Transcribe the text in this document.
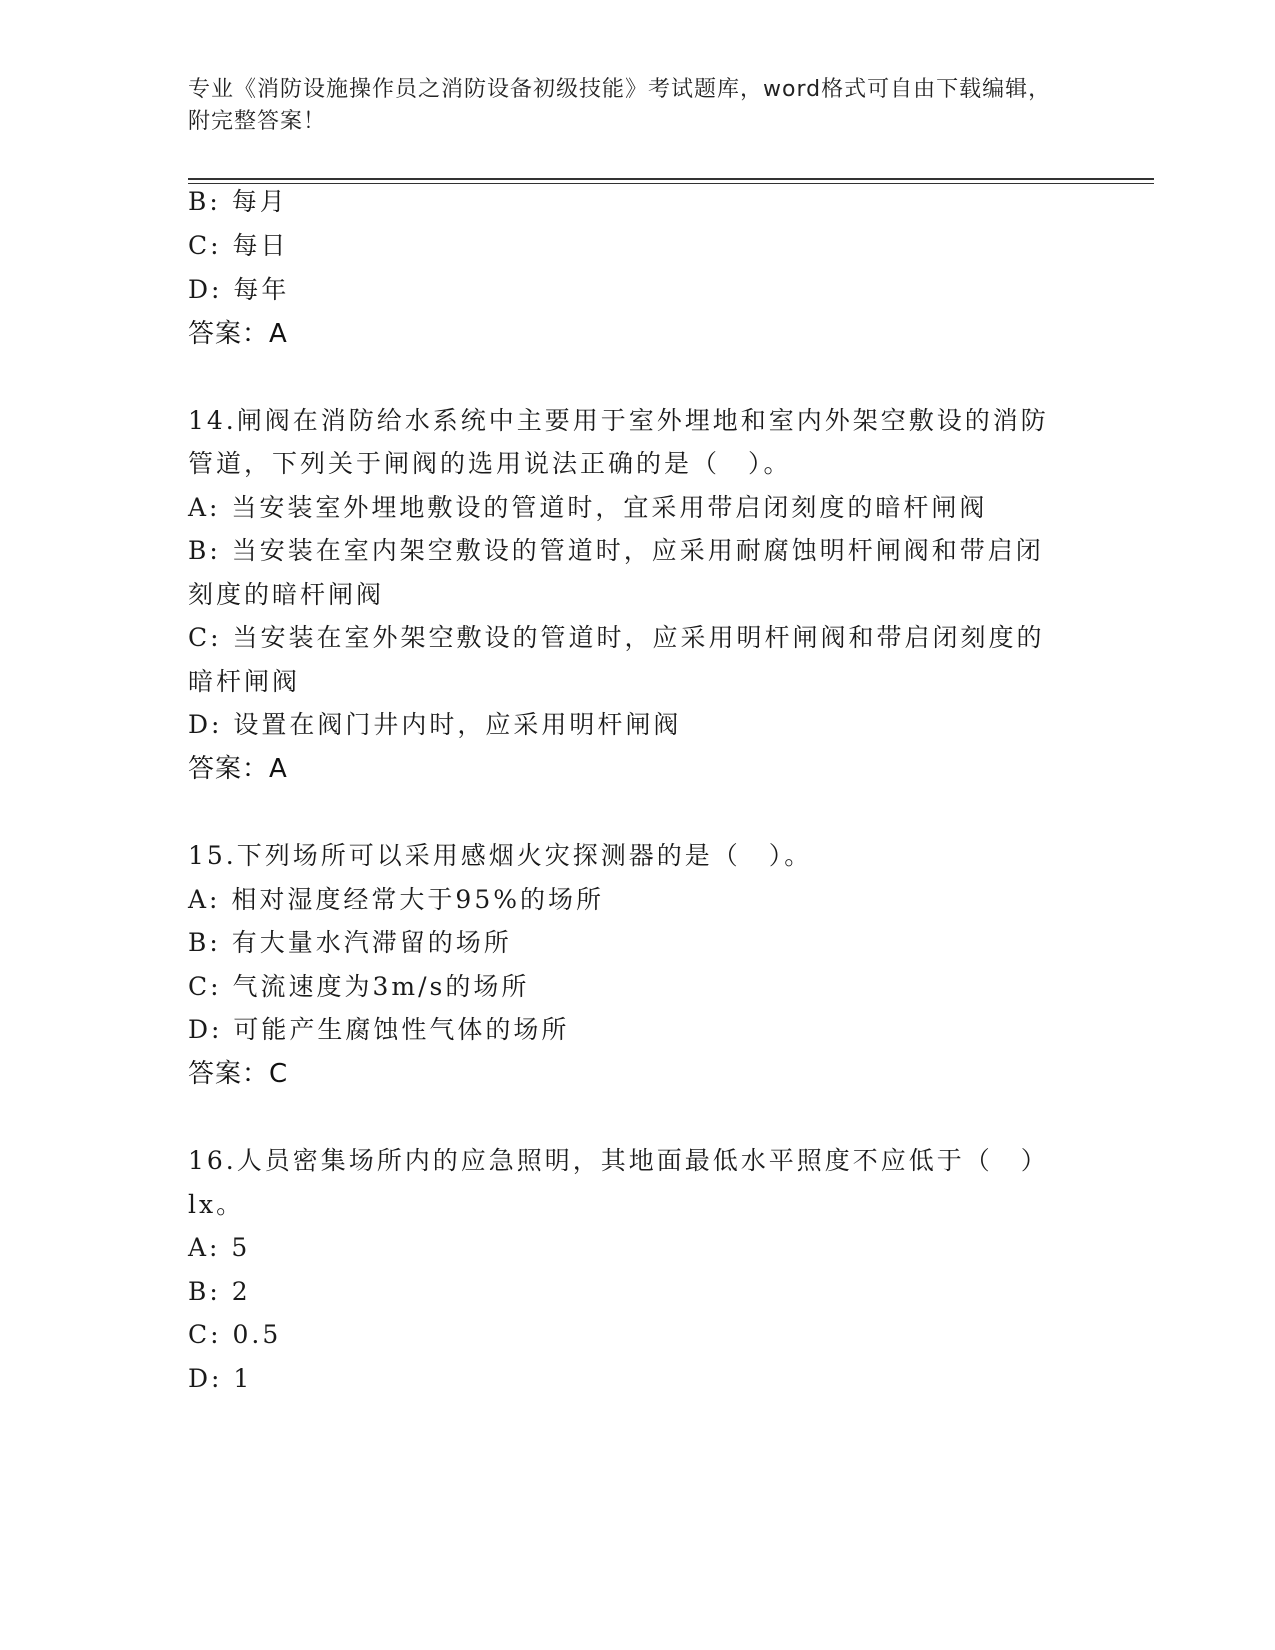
专业《消防设施操作员之消防设备初级技能》考试题库，word格式可自由下载编辑，附完整答案！
B: 每月
C: 每日
D: 每年
答案：A
14.闸阀在消防给水系统中主要用于室外埋地和室内外架空敷设的消防
管道，下列关于闸阀的选用说法正确的是（　）。
A: 当安装室外埋地敷设的管道时，宜采用带启闭刻度的暗杆闸阀
B: 当安装在室内架空敷设的管道时，应采用耐腐蚀明杆闸阀和带启闭
刻度的暗杆闸阀
C: 当安装在室外架空敷设的管道时，应采用明杆闸阀和带启闭刻度的
暗杆闸阀
D: 设置在阀门井内时，应采用明杆闸阀
答案：A
15.下列场所可以采用感烟火灾探测器的是（　）。
A: 相对湿度经常大于95%的场所
B: 有大量水汽滞留的场所
C: 气流速度为3m/s的场所
D: 可能产生腐蚀性气体的场所
答案：C
16.人员密集场所内的应急照明，其地面最低水平照度不应低于（　）
lx。
A: 5
B: 2
C: 0.5
D: 1
